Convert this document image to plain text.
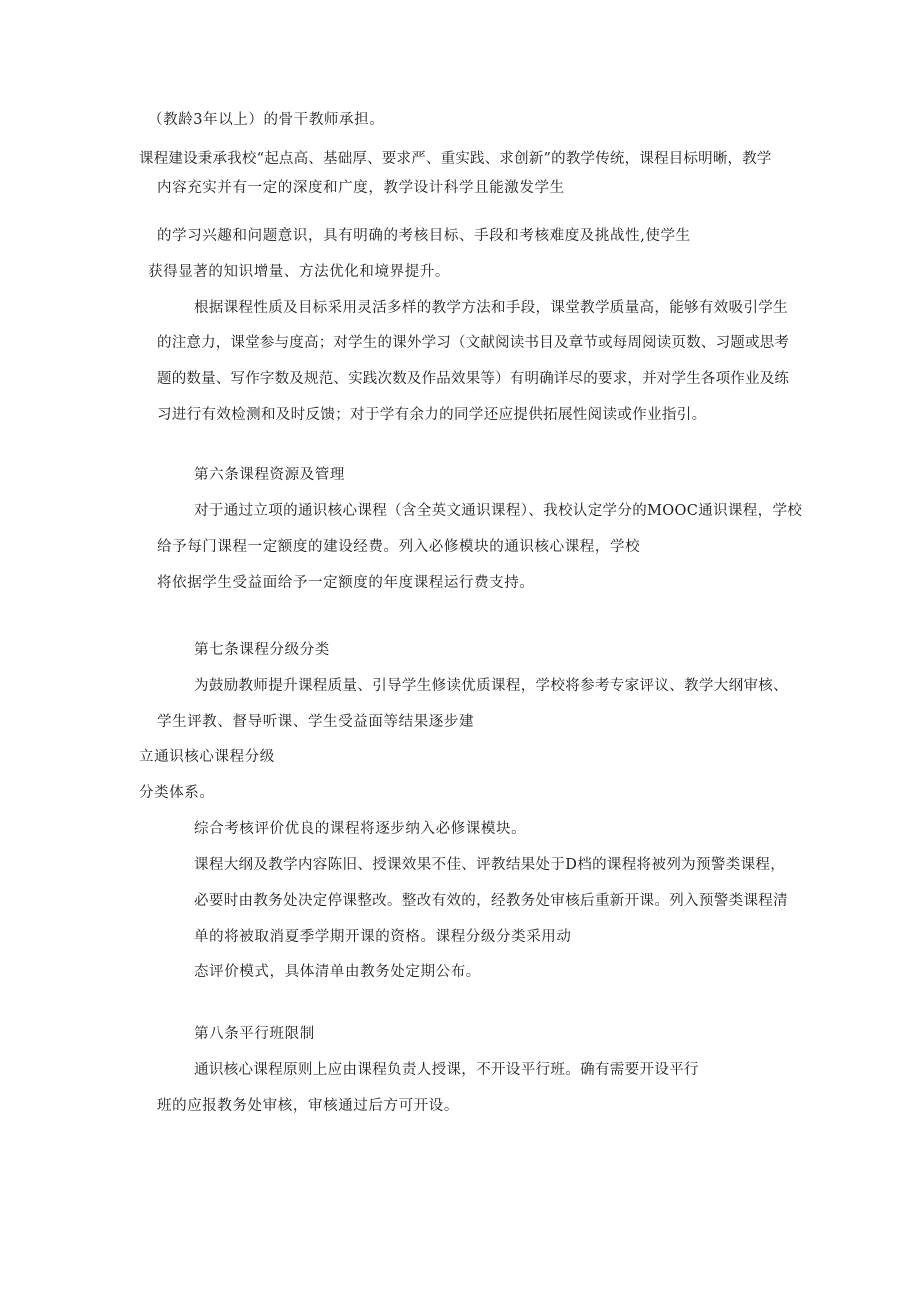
（教龄3年以上）的骨干教师承担。
课程建设秉承我校“起点高、基础厚、要求严、重实践、求创新”的教学传统，课程目标明晰，教学
内容充实并有一定的深度和广度，教学设计科学且能激发学生
的学习兴趣和问题意识，具有明确的考核目标、手段和考核难度及挑战性,使学生
获得显著的知识增量、方法优化和境界提升。
根据课程性质及目标采用灵活多样的教学方法和手段，课堂教学质量高，能够有效吸引学生
的注意力，课堂参与度高；对学生的课外学习（文献阅读书目及章节或每周阅读页数、习题或思考
题的数量、写作字数及规范、实践次数及作品效果等）有明确详尽的要求，并对学生各项作业及练
习进行有效检测和及时反馈；对于学有余力的同学还应提供拓展性阅读或作业指引。
第六条课程资源及管理
对于通过立项的通识核心课程（含全英文通识课程）、我校认定学分的MOOC通识课程，学校
给予每门课程一定额度的建设经费。列入必修模块的通识核心课程，学校
将依据学生受益面给予一定额度的年度课程运行费支持。
第七条课程分级分类
为鼓励教师提升课程质量、引导学生修读优质课程，学校将参考专家评议、教学大纲审核、
学生评教、督导听课、学生受益面等结果逐步建
立通识核心课程分级
分类体系。
综合考核评价优良的课程将逐步纳入必修课模块。
课程大纲及教学内容陈旧、授课效果不佳、评教结果处于D档的课程将被列为预警类课程，
必要时由教务处决定停课整改。整改有效的，经教务处审核后重新开课。列入预警类课程清
单的将被取消夏季学期开课的资格。课程分级分类采用动
态评价模式，具体清单由教务处定期公布。
第八条平行班限制
通识核心课程原则上应由课程负责人授课，不开设平行班。确有需要开设平行
班的应报教务处审核，审核通过后方可开设。
